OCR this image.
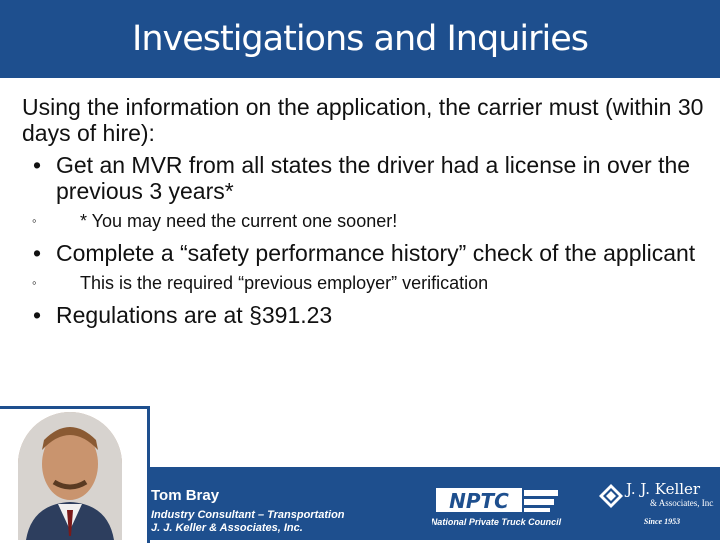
Investigations and Inquiries
Using the information on the application, the carrier must (within 30 days of hire):
• Get an MVR from all states the driver had a license in over the previous 3 years*
◦	* You may need the current one sooner!
• Complete a “safety performance history” check of the applicant
◦	This is the required “previous employer” verification
• Regulations are at §391.23
Tom Bray
Industry Consultant – Transportation
J. J. Keller & Associates, Inc.
NPTC
National Private Truck Council
J. J. Keller
& Associates, Inc.
Since 1953
